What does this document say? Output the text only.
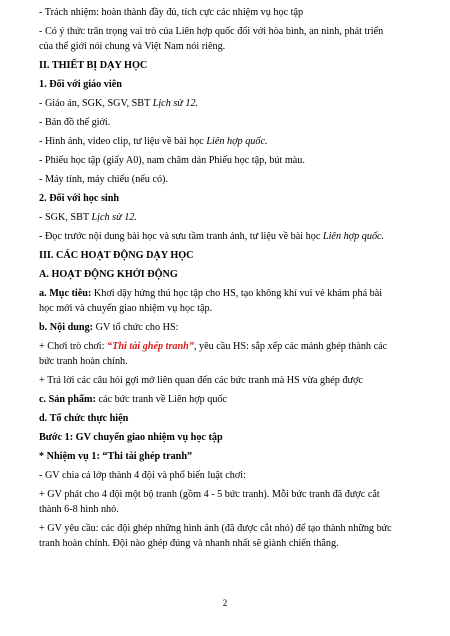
- Trách nhiệm: hoàn thành đầy đủ, tích cực các nhiệm vụ học tập
- Có ý thức trân trọng vai trò của Liên hợp quốc đối với hòa bình, an ninh, phát triển
của thế giới nói chung và Việt Nam nói riêng.
II. THIẾT BỊ DẠY HỌC
1. Đối với giáo viên
- Giáo án, SGK, SGV, SBT Lịch sử 12.
- Bản đồ thế giới.
- Hình ảnh, video clip, tư liệu về bài học Liên hợp quốc.
- Phiếu học tập (giấy A0), nam châm dán Phiếu học tập, bút màu.
- Máy tính, máy chiếu (nếu có).
2. Đối với học sinh
- SGK, SBT Lịch sử 12.
- Đọc trước nội dung bài học và sưu tầm tranh ảnh, tư liệu về bài học Liên hợp quốc.
III. CÁC HOẠT ĐỘNG DẠY HỌC
A. HOẠT ĐỘNG KHỞI ĐỘNG
a. Mục tiêu: Khơi dậy hứng thú học tập cho HS, tạo không khí vui vẻ khám phá bài
học mới và chuyển giao nhiệm vụ học tập.
b. Nội dung: GV tổ chức cho HS:
+ Chơi trò chơi: “Thi tài ghép tranh”, yêu cầu HS: sắp xếp các mảnh ghép thành các
bức tranh hoàn chỉnh.
+ Trả lời các câu hỏi gợi mở liên quan đến các bức tranh mà HS vừa ghép được
c. Sản phẩm: các bức tranh về Liên hợp quốc
d. Tổ chức thực hiện
Bước 1: GV chuyển giao nhiệm vụ học tập
* Nhiệm vụ 1: “Thi tài ghép tranh”
- GV chia cả lớp thành 4 đội và phổ biến luật chơi:
+ GV phát cho 4 đội một bộ tranh (gồm 4 - 5 bức tranh). Mỗi bức tranh đã được cắt
thành 6-8 hình nhỏ.
+ GV yêu cầu: các đội ghép những hình ảnh (đã được cắt nhỏ) để tạo thành những bức
tranh hoàn chỉnh. Đội nào ghép đúng và nhanh nhất sẽ giành chiến thắng.
2
